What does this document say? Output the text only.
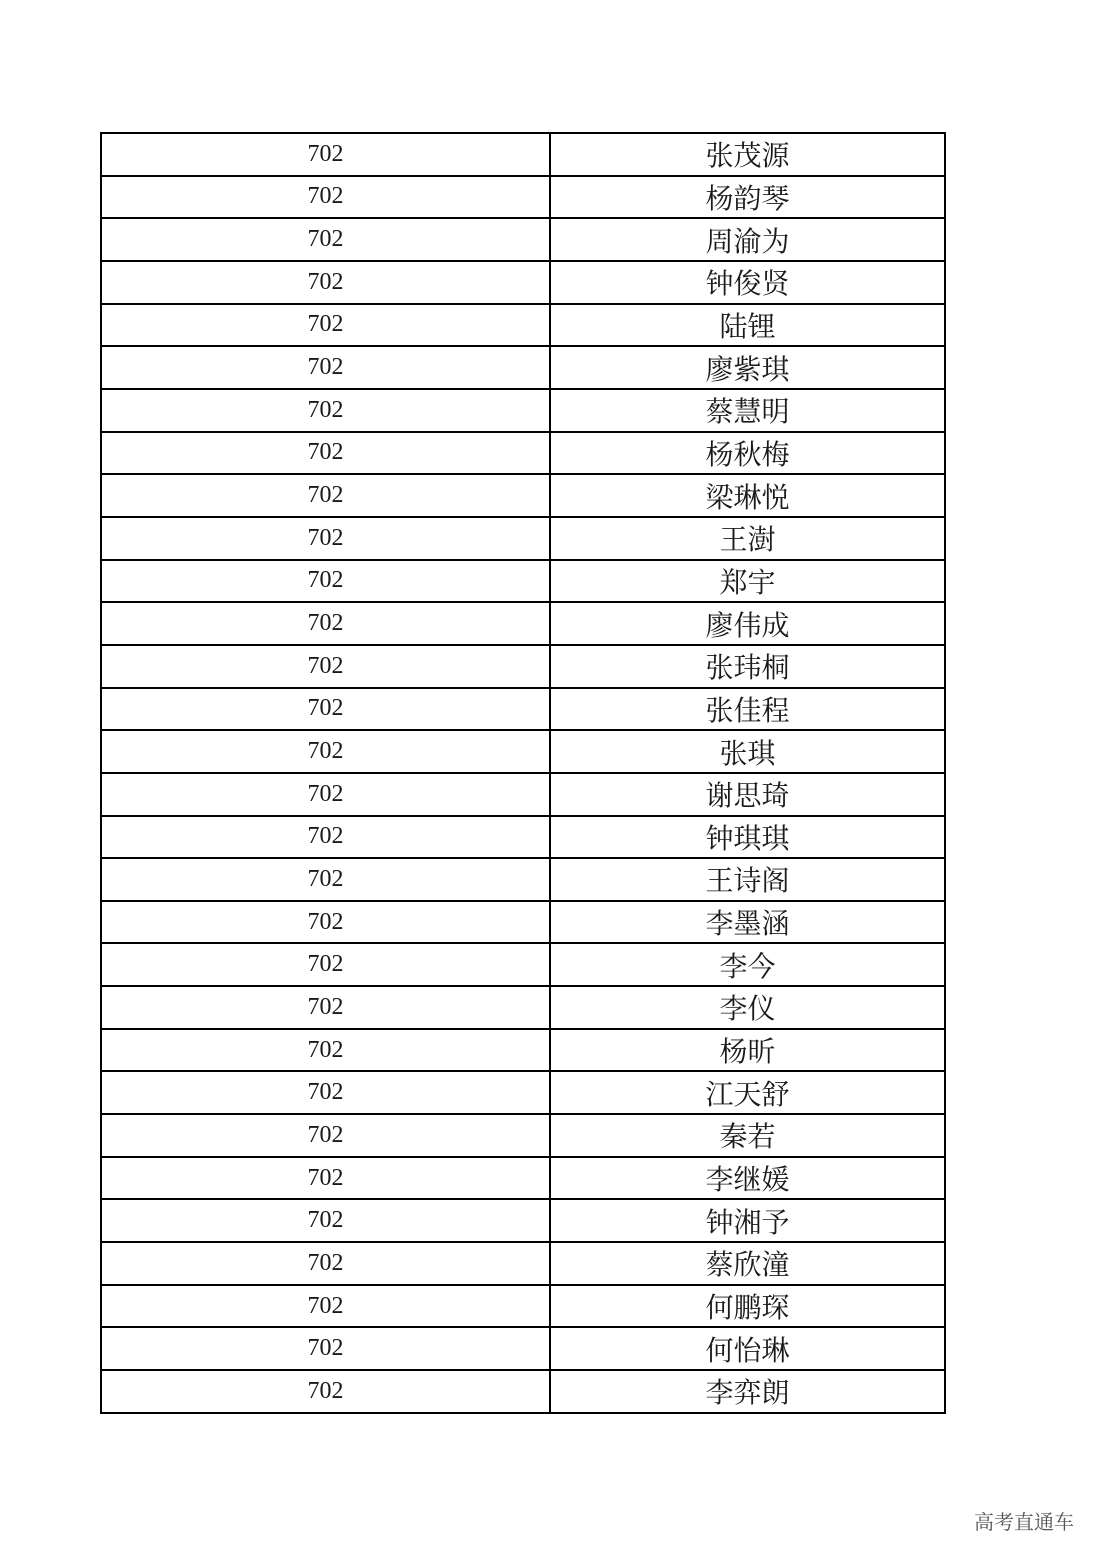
702	张茂源
702	杨韵琴
702	周渝为
702	钟俊贤
702	陆锂
702	廖紫琪
702	蔡慧明
702	杨秋梅
702	梁琳悦
702	王澍
702	郑宇
702	廖伟成
702	张玮桐
702	张佳程
702	张琪
702	谢思琦
702	钟琪琪
702	王诗阁
702	李墨涵
702	李今
702	李仪
702	杨昕
702	江天舒
702	秦若
702	李继媛
702	钟湘予
702	蔡欣潼
702	何鹏琛
702	何怡琳
702	李弈朗
高考直通车
